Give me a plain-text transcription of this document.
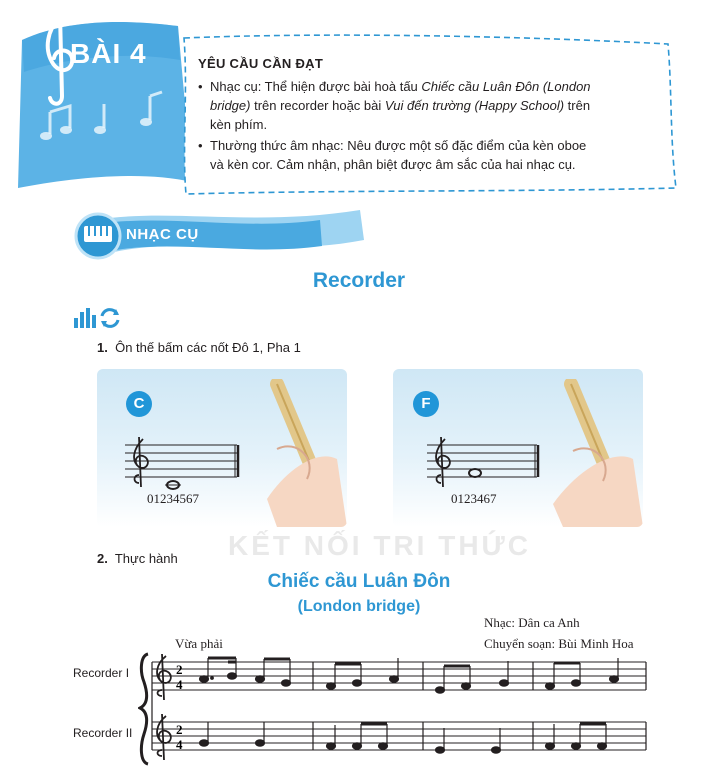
BÀI 4	YÊU CẦU CẦN ĐẠT
• Nhạc cụ: Thể hiện được bài hoà tấu Chiếc cầu Luân Đôn (London
bridge) trên recorder hoặc bài Vui đến trường (Happy School) trên
kèn phím.
• Thường thức âm nhạc: Nêu được một số đặc điểm của kèn oboe
và kèn cor. Cảm nhận, phân biệt được âm sắc của hai nhạc cụ.
NHẠC CỤ
Recorder
1. Ôn thế bấm các nốt Đô 1, Pha 1
KẾT NỐI TRI THỨC
C
01234567
F
0123467
2. Thực hành
Chiếc cầu Luân Đôn
(London bridge)
Nhạc: Dân ca Anh
Chuyển soạn: Bùi Minh Hoa
Vừa phải
Recorder I
Recorder II
2
4
2
4
